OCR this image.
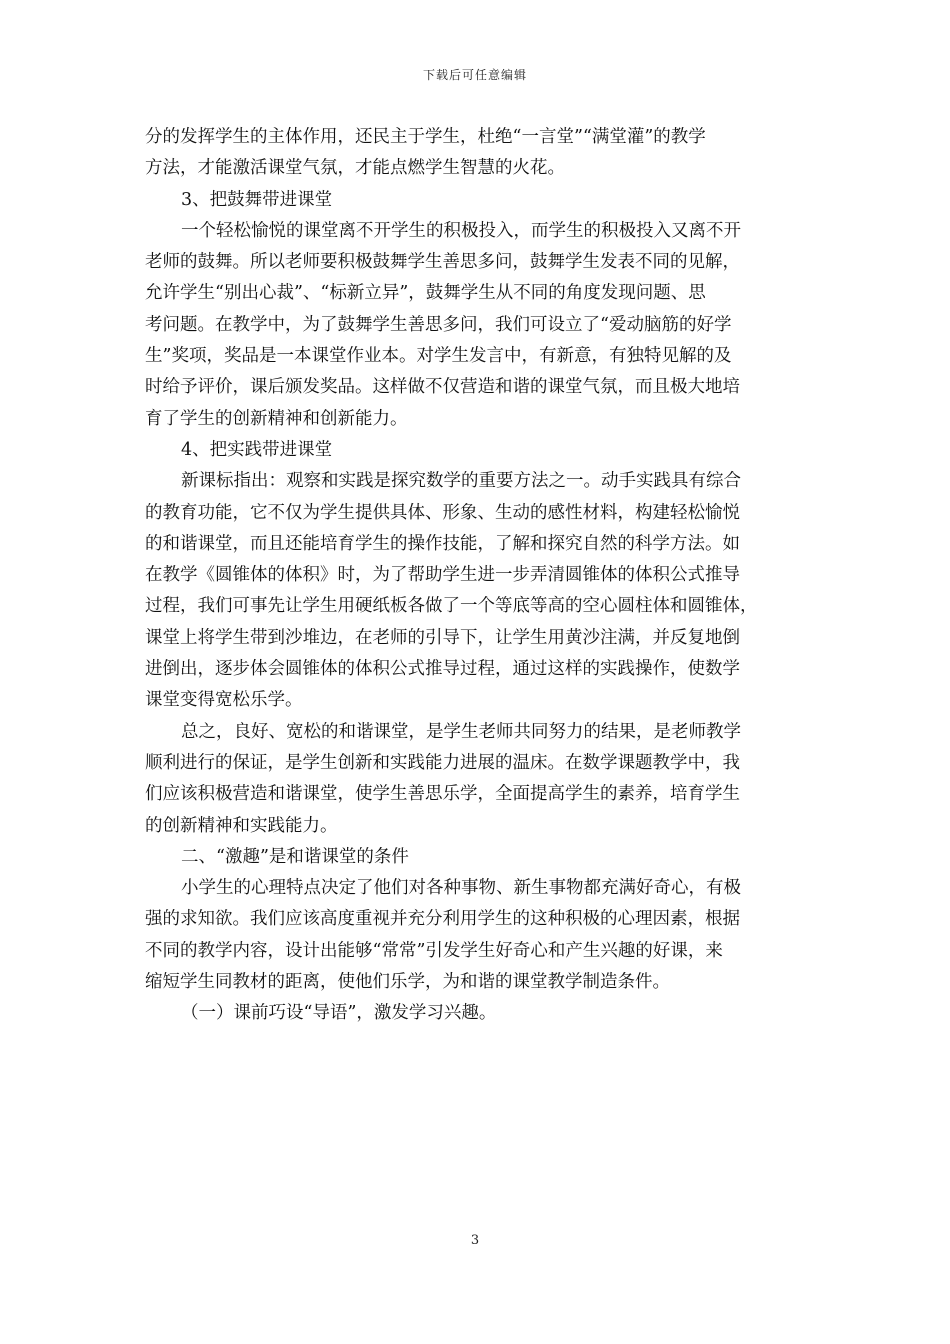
下载后可任意编辑
分的发挥学生的主体作用，还民主于学生，杜绝“一言堂”“满堂灌”的教学
方法，才能激活课堂气氛，才能点燃学生智慧的火花。
3、把鼓舞带进课堂
一个轻松愉悦的课堂离不开学生的积极投入，而学生的积极投入又离不开
老师的鼓舞。所以老师要积极鼓舞学生善思多问，鼓舞学生发表不同的见解，
允许学生“别出心裁”、“标新立异”，鼓舞学生从不同的角度发现问题、思
考问题。在教学中，为了鼓舞学生善思多问，我们可设立了“爱动脑筋的好学
生”奖项，奖品是一本课堂作业本。对学生发言中，有新意，有独特见解的及
时给予评价，课后颁发奖品。这样做不仅营造和谐的课堂气氛，而且极大地培
育了学生的创新精神和创新能力。
4、把实践带进课堂
新课标指出：观察和实践是探究数学的重要方法之一。动手实践具有综合
的教育功能，它不仅为学生提供具体、形象、生动的感性材料，构建轻松愉悦
的和谐课堂，而且还能培育学生的操作技能，了解和探究自然的科学方法。如
在教学《圆锥体的体积》时，为了帮助学生进一步弄清圆锥体的体积公式推导
过程，我们可事先让学生用硬纸板各做了一个等底等高的空心圆柱体和圆锥体，
课堂上将学生带到沙堆边，在老师的引导下，让学生用黄沙注满，并反复地倒
进倒出，逐步体会圆锥体的体积公式推导过程，通过这样的实践操作，使数学
课堂变得宽松乐学。
总之，良好、宽松的和谐课堂，是学生老师共同努力的结果，是老师教学
顺利进行的保证，是学生创新和实践能力进展的温床。在数学课题教学中，我
们应该积极营造和谐课堂，使学生善思乐学，全面提高学生的素养，培育学生
的创新精神和实践能力。
二、“激趣”是和谐课堂的条件
小学生的心理特点决定了他们对各种事物、新生事物都充满好奇心，有极
强的求知欲。我们应该高度重视并充分利用学生的这种积极的心理因素，根据
不同的教学内容，设计出能够“常常”引发学生好奇心和产生兴趣的好课，来
缩短学生同教材的距离，使他们乐学，为和谐的课堂教学制造条件。
（一）课前巧设“导语”，激发学习兴趣。
3
